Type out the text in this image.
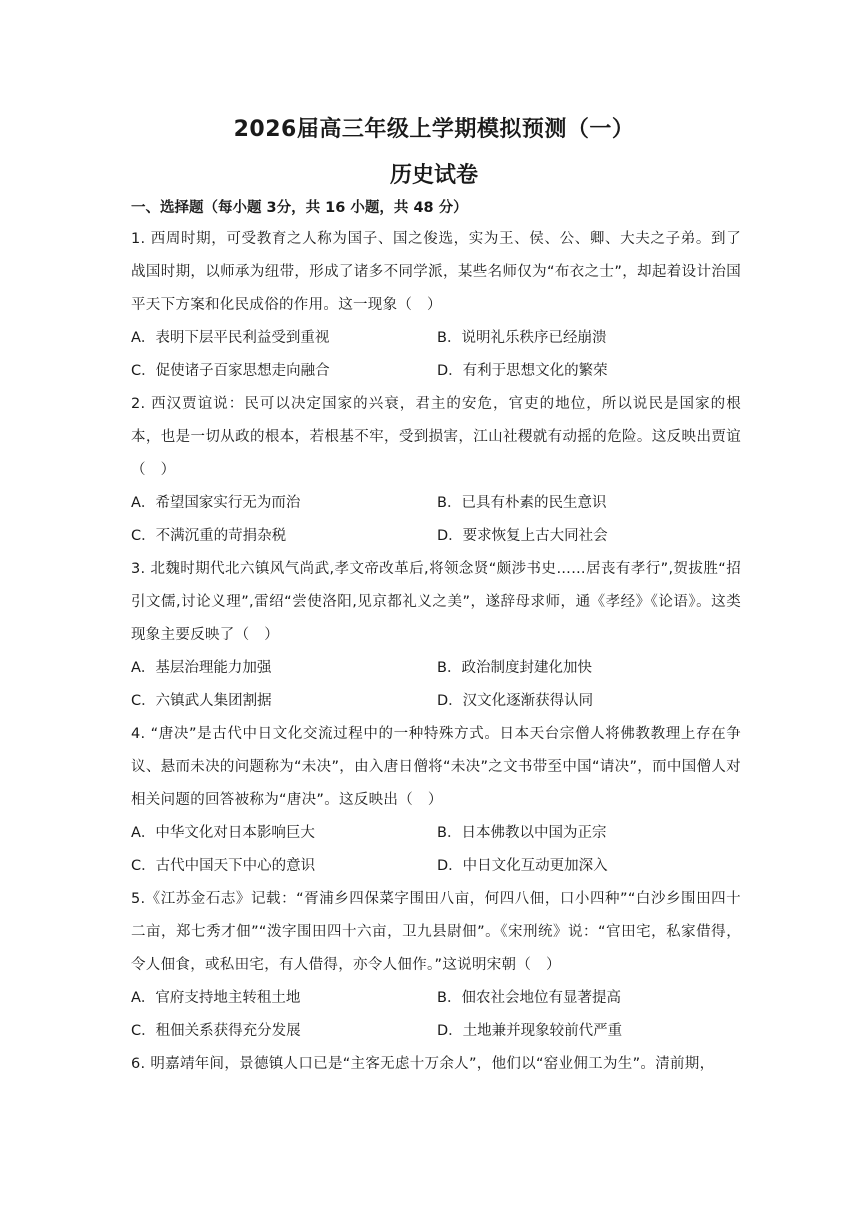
2026届高三年级上学期模拟预测（一）
历史试卷
一、选择题（每小题 3分，共 16 小题，共 48 分）

1. 西周时期，可受教育之人称为国子、国之俊选，实为王、侯、公、卿、大夫之子弟。到了战国时期，以师承为纽带，形成了诸多不同学派，某些名师仅为“布衣之士”，却起着设计治国平天下方案和化民成俗的作用。这一现象（　）

A．表明下层平民利益受到重视	B．说明礼乐秩序已经崩溃
C．促使诸子百家思想走向融合	D．有利于思想文化的繁荣

2. 西汉贾谊说：民可以决定国家的兴衰，君主的安危，官吏的地位，所以说民是国家的根本，也是一切从政的根本，若根基不牢，受到损害，江山社稷就有动摇的危险。这反映出贾谊（　）

A．希望国家实行无为而治	B．已具有朴素的民生意识
C．不满沉重的苛捐杂税	D．要求恢复上古大同社会

3. 北魏时期代北六镇风气尚武,孝文帝改革后,将领念贤“颇涉书史……居丧有孝行”,贺拔胜“招引文儒,讨论义理”,雷绍“尝使洛阳,见京都礼义之美”，遂辞母求师，通《孝经》《论语》。这类现象主要反映了（　）

A．基层治理能力加强	B．政治制度封建化加快
C．六镇武人集团割据	D．汉文化逐渐获得认同

4. “唐决”是古代中日文化交流过程中的一种特殊方式。日本天台宗僧人将佛教教理上存在争议、悬而未决的问题称为“未决”，由入唐日僧将“未决”之文书带至中国“请决”，而中国僧人对相关问题的回答被称为“唐决”。这反映出（　）

A．中华文化对日本影响巨大	B．日本佛教以中国为正宗
C．古代中国天下中心的意识	D．中日文化互动更加深入

5.《江苏金石志》记载：“胥浦乡四保菜字围田八亩，何四八佃，口小四种”“白沙乡围田四十二亩，郑七秀才佃”“泼字围田四十六亩，卫九县尉佃”。《宋刑统》说：“官田宅，私家借得，令人佃食，或私田宅，有人借得，亦令人佃作。”这说明宋朝（　）

A．官府支持地主转租土地	B．佃农社会地位有显著提高
C．租佃关系获得充分发展	D．土地兼并现象较前代严重

6. 明嘉靖年间，景德镇人口已是“主客无虑十万余人”，他们以“窑业佣工为生”。清前期，
